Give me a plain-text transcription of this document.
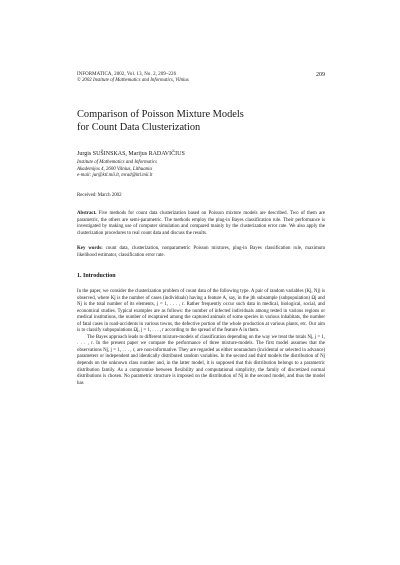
INFORMATICA, 2002, Vol. 13, No. 2, 209–226
© 2002 Institute of Mathematics and Informatics, Vilnius
209
Comparison of Poisson Mixture Models
for Count Data Clusterization
Jurgis SUŠINSKAS, Marijus RADAVIČIUS
Institute of Mathematics and Informatics
Akademijos 4, 2600 Vilnius, Lithuania
e-mail: jur@ktl.mii.lt, mrad@ktl.mii.lt
Received: March 2002
Abstract. Five methods for count data clusterization based on Poisson mixture models are described. Two of them are parametric, the others are semi-parametric. The methods employ the plug-in Bayes classification rule. Their performance is investigated by making use of computer simulation and compared mainly by the clusterization error rate. We also apply the clusterization procedures to real count data and discuss the results.
Key words: count data, clusterization, nonparametric Poisson mixtures, plug-in Bayes classification rule, maximum likelihood estimator, classification error rate.
1. Introduction

In the paper, we consider the clusterization problem of count data of the following type. A pair of random variables (Kj, Nj) is observed, where Kj is the number of cases (individuals) having a feature A, say, in the jth subsample (subpopulation) Ωj and Nj is the total number of its elements, j = 1, . . . , r. Rather frequently occur such data in medical, biological, social, and economical studies. Typical examples are as follows: the number of infected individuals among tested in various regions or medical institutions, the number of recaptured among the captured animals of some species in various inhabitats, the number of fatal cases in road-accidents in various towns, the defective portion of the whole production at various plants, etc. Our aim is to classify subpopulations Ωj, j = 1, . . . , r according to the spread of the feature A in them.

The Bayes approach leads to different mixture-models of classification depending on the way we treat the totals Nj, j = 1, . . . , r. In the present paper we compare the performance of three mixture-models. The first model assumes that the observations Nj, j = 1, . . . , r, are non-informative. They are regarded as either nonrandom (incidental or selected in advance) parameters or independent and identically distributed random variables. In the second and third models the distribution of Nj depends on the unknown class number and, in the latter model, it is supposed that this distribution belongs to a parametric distribution family. As a compromise between flexibility and computational simplicity, the family of discretized normal distributions is chosen. No parametric structure is imposed on the distribution of Nj in the second model, and thus the model has
